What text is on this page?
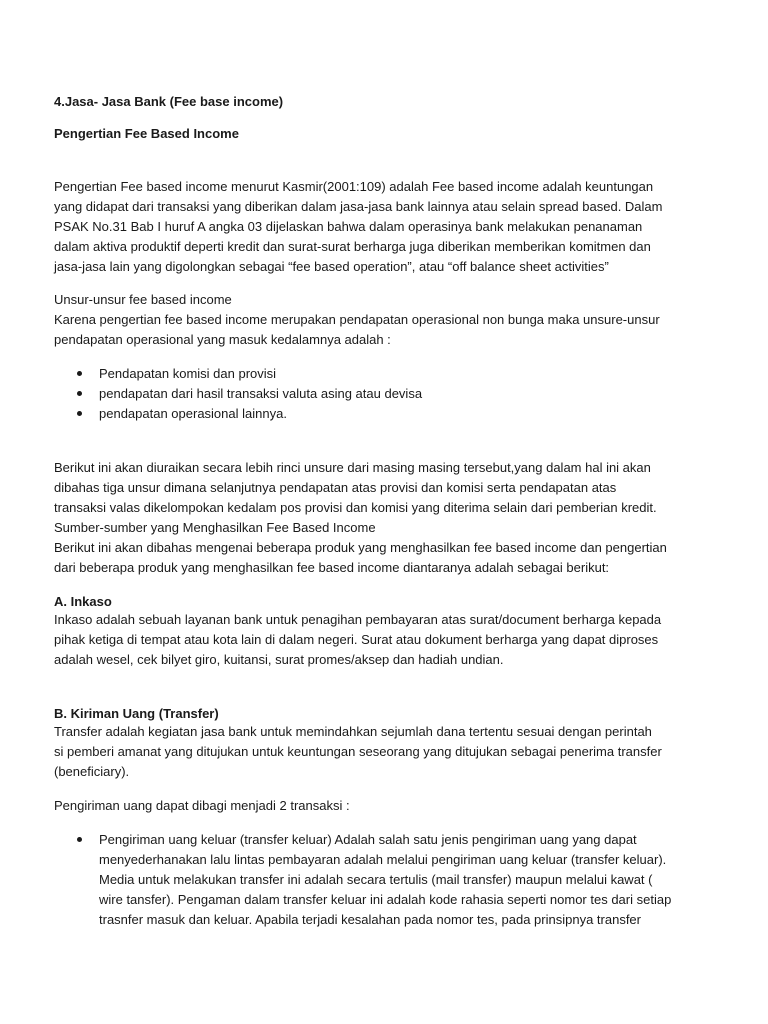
4.Jasa- Jasa Bank (Fee base income)

Pengertian Fee Based Income

Pengertian Fee based income menurut Kasmir(2001:109) adalah Fee based income adalah keuntungan yang didapat dari transaksi yang diberikan dalam jasa-jasa bank lainnya atau selain spread based. Dalam PSAK No.31 Bab I huruf A angka 03 dijelaskan bahwa dalam operasinya bank melakukan penanaman dalam aktiva produktif deperti kredit dan surat-surat berharga juga diberikan memberikan komitmen dan jasa-jasa lain yang digolongkan sebagai “fee based operation”, atau “off balance sheet activities”

Unsur-unsur fee based income

Karena pengertian fee based income merupakan pendapatan operasional non bunga maka unsure-unsur pendapatan operasional yang masuk kedalamnya adalah :

Pendapatan komisi dan provisi
pendapatan dari hasil transaksi valuta asing atau devisa
pendapatan operasional lainnya.

Berikut ini akan diuraikan secara lebih rinci unsure dari masing masing tersebut,yang dalam hal ini akan dibahas tiga unsur dimana selanjutnya pendapatan atas provisi dan komisi serta pendapatan atas transaksi valas dikelompokan kedalam pos provisi dan komisi yang diterima selain dari pemberian kredit.

Sumber-sumber yang Menghasilkan Fee Based Income

Berikut ini akan dibahas mengenai beberapa produk yang menghasilkan fee based income dan pengertian dari beberapa produk yang menghasilkan fee based income diantaranya adalah sebagai berikut:

A. Inkaso

Inkaso adalah sebuah layanan bank untuk penagihan pembayaran atas surat/document berharga kepada pihak ketiga di tempat atau kota lain di dalam negeri. Surat atau dokument berharga yang dapat diproses adalah wesel, cek bilyet giro, kuitansi, surat promes/aksep dan hadiah undian.

B. Kiriman Uang (Transfer)

Transfer adalah kegiatan jasa bank untuk memindahkan sejumlah dana tertentu sesuai dengan perintah si pemberi amanat yang ditujukan untuk keuntungan seseorang yang ditujukan sebagai penerima transfer (beneficiary).

Pengiriman uang dapat dibagi menjadi 2 transaksi :

Pengiriman uang keluar (transfer keluar) Adalah salah satu jenis pengiriman uang yang dapat menyederhanakan lalu lintas pembayaran adalah melalui pengiriman uang keluar (transfer keluar). Media untuk melakukan transfer ini adalah secara tertulis (mail transfer) maupun melalui kawat ( wire tansfer). Pengaman dalam transfer keluar ini adalah kode rahasia seperti nomor tes dari setiap trasnfer masuk dan keluar. Apabila terjadi kesalahan pada nomor tes, pada prinsipnya transfer
